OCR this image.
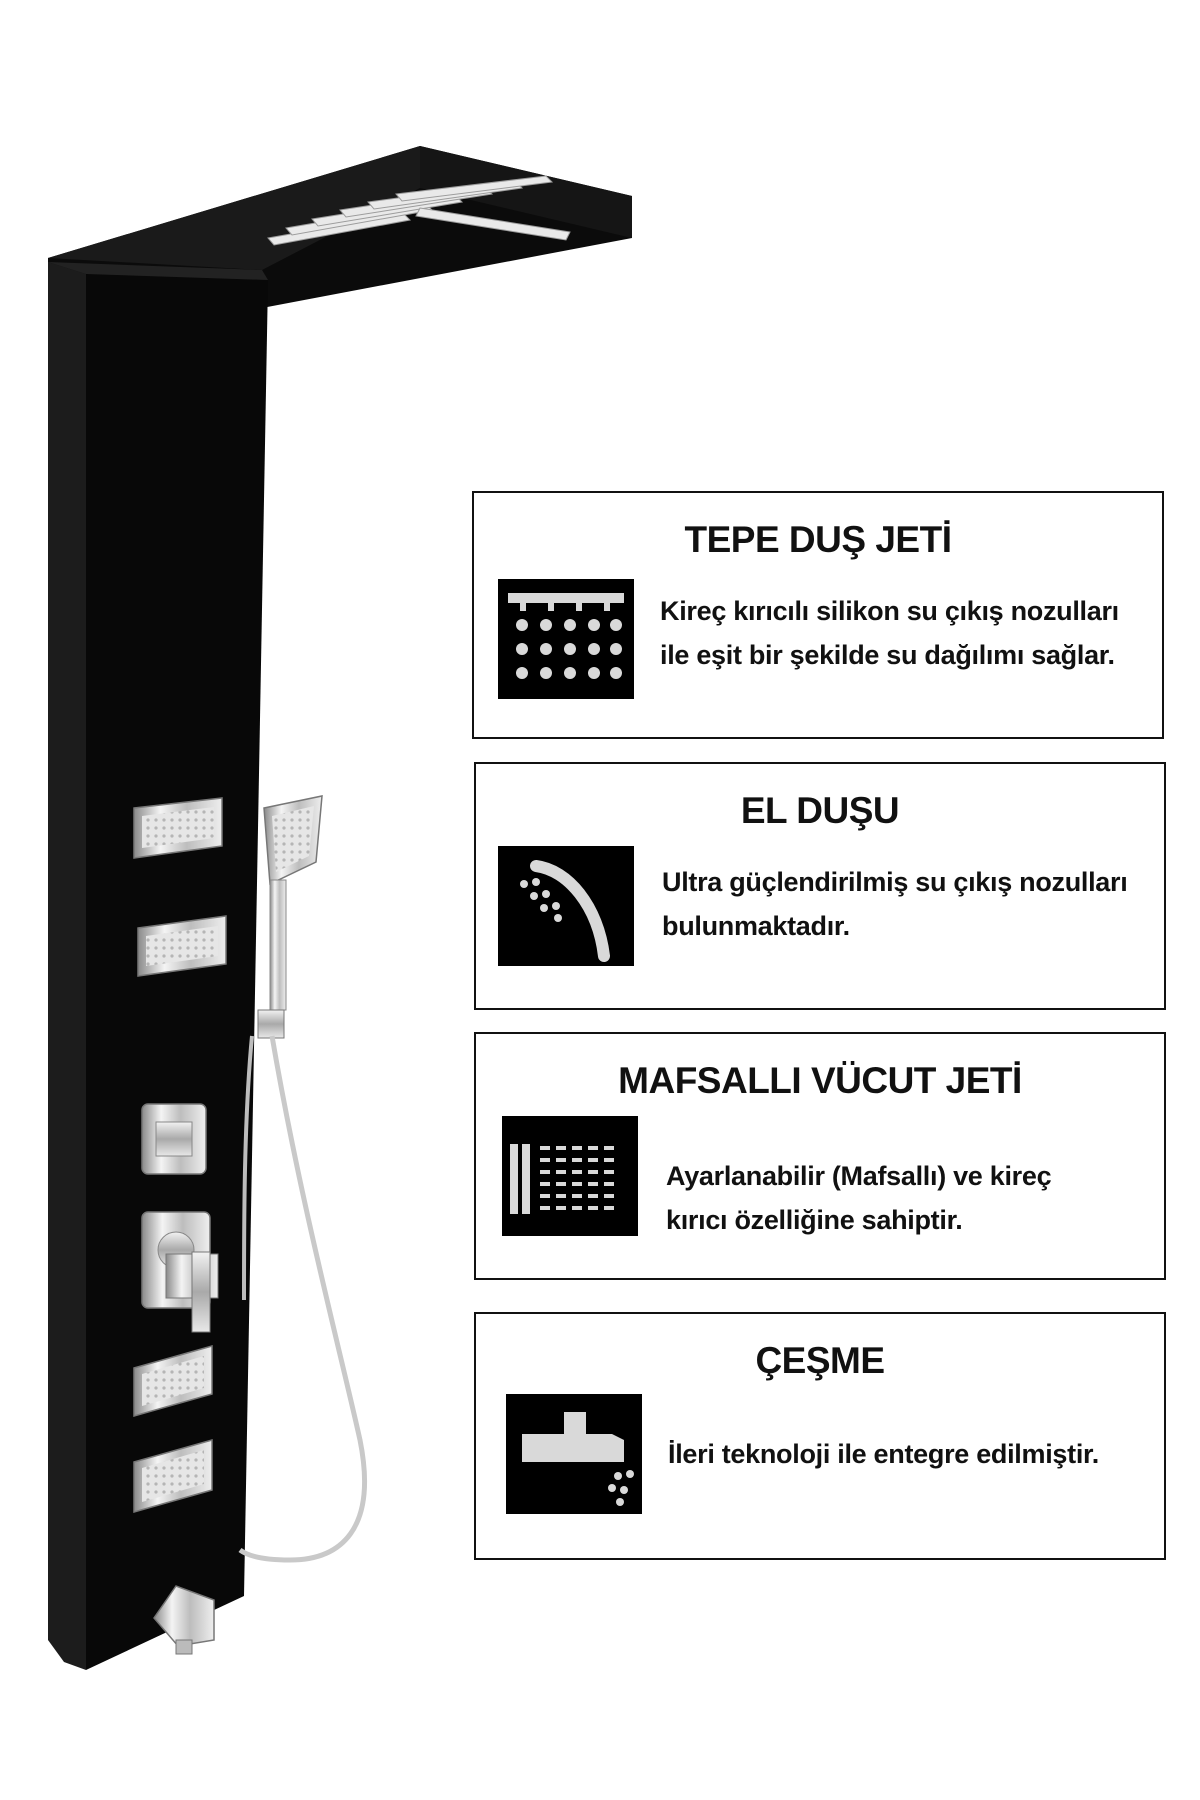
TEPE DUŞ JETİ

Kireç kırıcılı silikon su çıkış nozulları
ile eşit bir şekilde su dağılımı sağlar.

EL DUŞU

Ultra güçlendirilmiş su çıkış nozulları
bulunmaktadır.

MAFSALLI VÜCUT JETİ

Ayarlanabilir (Mafsallı) ve kireç
kırıcı özelliğine sahiptir.

ÇEŞME

İleri teknoloji ile entegre edilmiştir.
